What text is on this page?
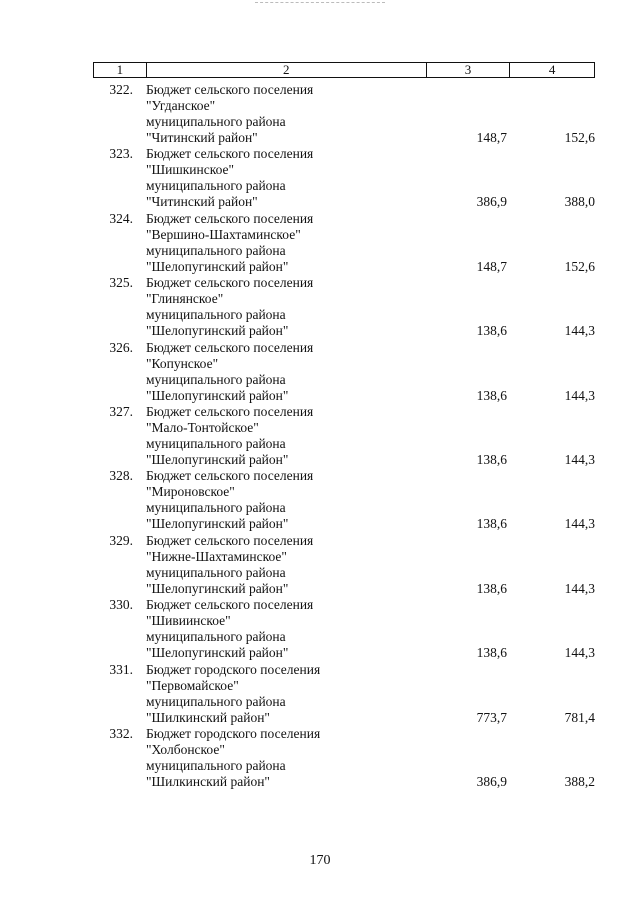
1	2	3	4
322. Бюджет сельского поселения
"Угданское"
муниципального района
"Читинский район"	148,7	152,6
323. Бюджет сельского поселения
"Шишкинское"
муниципального района
"Читинский район"	386,9	388,0
324. Бюджет сельского поселения
"Вершино-Шахтаминское"
муниципального района
"Шелопугинский район"	148,7	152,6
325. Бюджет сельского поселения
"Глинянское"
муниципального района
"Шелопугинский район"	138,6	144,3
326. Бюджет сельского поселения
"Копунское"
муниципального района
"Шелопугинский район"	138,6	144,3
327. Бюджет сельского поселения
"Мало-Тонтойское"
муниципального района
"Шелопугинский район"	138,6	144,3
328. Бюджет сельского поселения
"Мироновское"
муниципального района
"Шелопугинский район"	138,6	144,3
329. Бюджет сельского поселения
"Нижне-Шахтаминское"
муниципального района
"Шелопугинский район"	138,6	144,3
330. Бюджет сельского поселения
"Шивиинское"
муниципального района
"Шелопугинский район"	138,6	144,3
331. Бюджет городского поселения
"Первомайское"
муниципального района
"Шилкинский район"	773,7	781,4
332. Бюджет городского поселения
"Холбонское"
муниципального района
"Шилкинский район"	386,9	388,2
170
